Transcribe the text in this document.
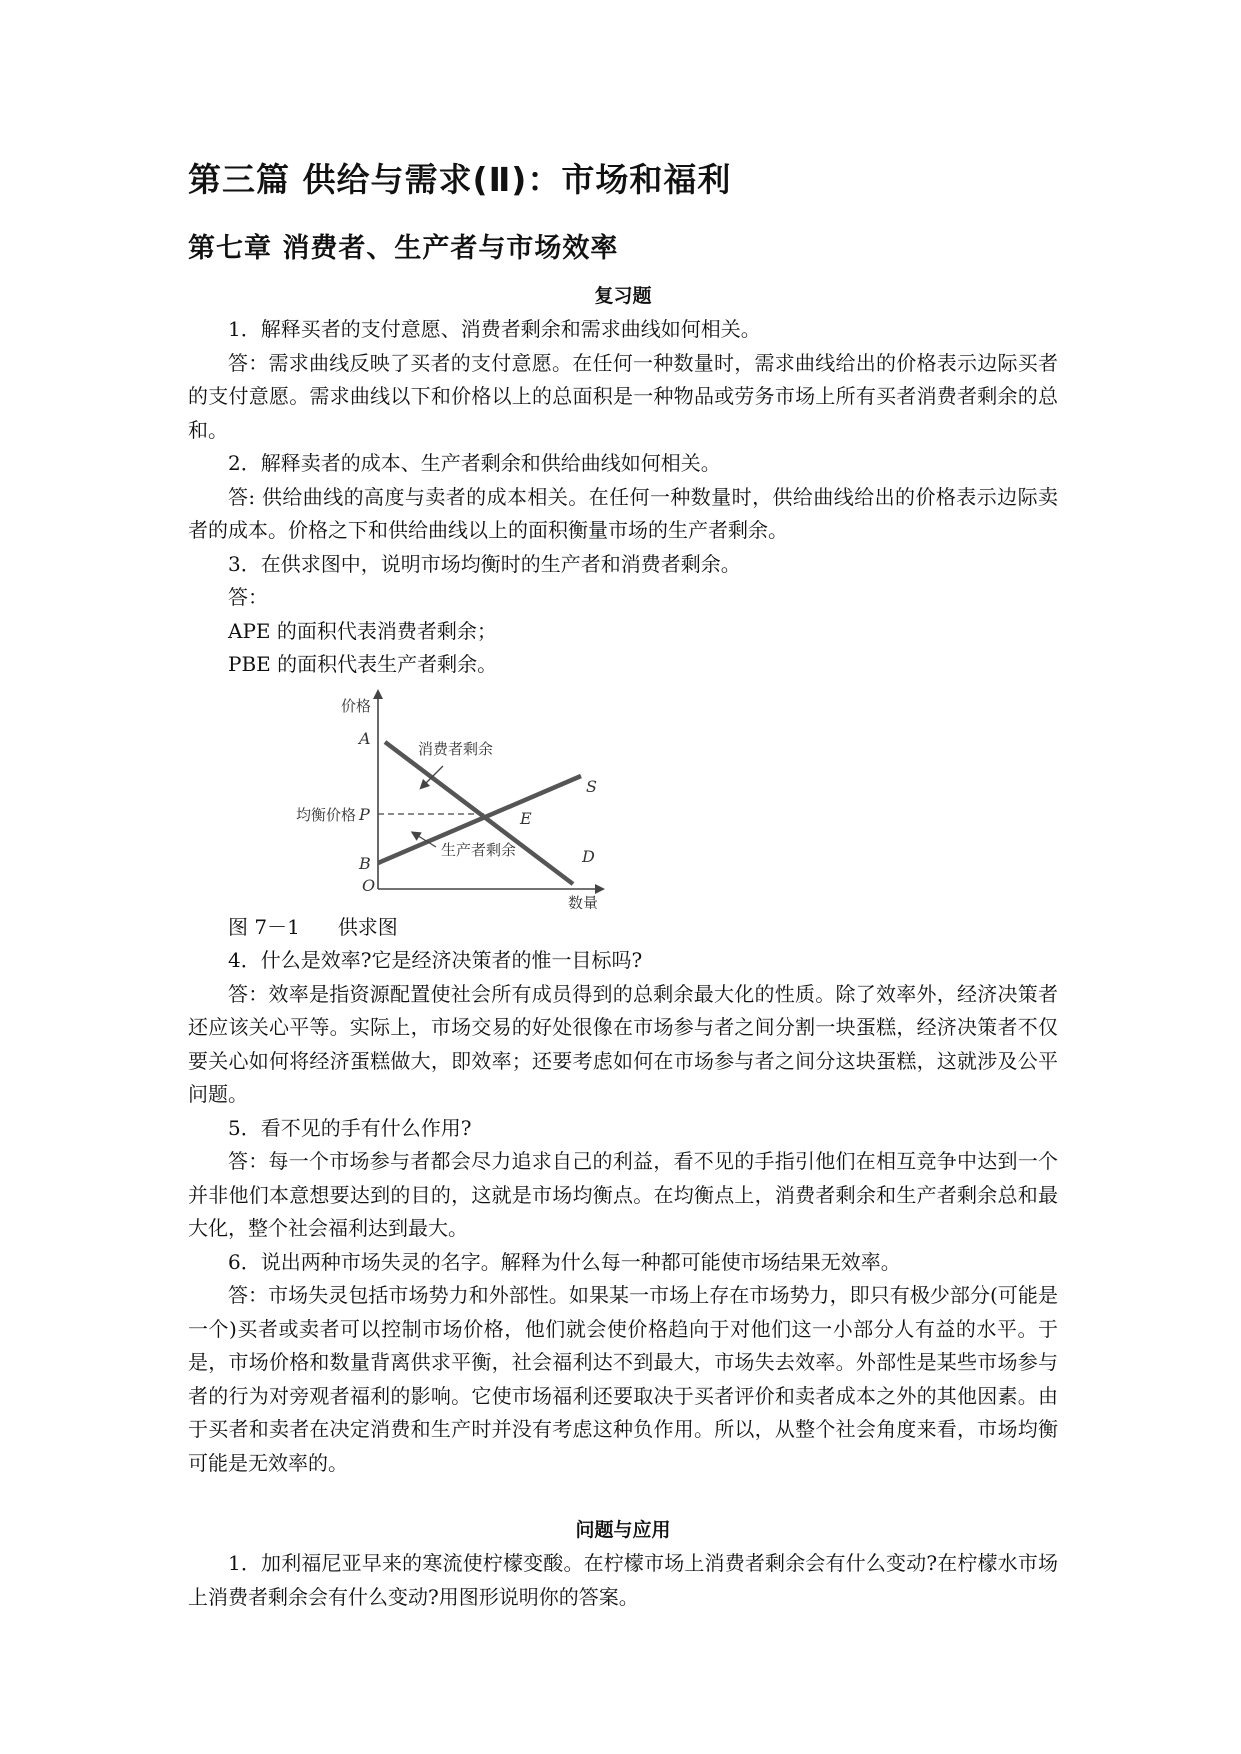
第三篇 供给与需求(Ⅱ)：市场和福利
第七章 消费者、生产者与市场效率
复习题

1．解释买者的支付意愿、消费者剩余和需求曲线如何相关。

答：需求曲线反映了买者的支付意愿。在任何一种数量时，需求曲线给出的价格表示边际买者的支付意愿。需求曲线以下和价格以上的总面积是一种物品或劳务市场上所有买者消费者剩余的总和。

2．解释卖者的成本、生产者剩余和供给曲线如何相关。

答: 供给曲线的高度与卖者的成本相关。在任何一种数量时，供给曲线给出的价格表示边际卖者的成本。价格之下和供给曲线以上的面积衡量市场的生产者剩余。

3．在供求图中，说明市场均衡时的生产者和消费者剩余。

答：

APE 的面积代表消费者剩余；

PBE 的面积代表生产者剩余。

价格
A
均衡价格 P
B
O
E
S
D
消费者剩余
生产者剩余
数量
图 7－1 供求图

4．什么是效率?它是经济决策者的惟一目标吗?

答：效率是指资源配置使社会所有成员得到的总剩余最大化的性质。除了效率外，经济决策者还应该关心平等。实际上，市场交易的好处很像在市场参与者之间分割一块蛋糕，经济决策者不仅要关心如何将经济蛋糕做大，即效率；还要考虑如何在市场参与者之间分这块蛋糕，这就涉及公平问题。

5．看不见的手有什么作用?

答：每一个市场参与者都会尽力追求自己的利益，看不见的手指引他们在相互竞争中达到一个并非他们本意想要达到的目的，这就是市场均衡点。在均衡点上，消费者剩余和生产者剩余总和最大化，整个社会福利达到最大。

6．说出两种市场失灵的名字。解释为什么每一种都可能使市场结果无效率。

答：市场失灵包括市场势力和外部性。如果某一市场上存在市场势力，即只有极少部分(可能是一个)买者或卖者可以控制市场价格，他们就会使价格趋向于对他们这一小部分人有益的水平。于是，市场价格和数量背离供求平衡，社会福利达不到最大，市场失去效率。外部性是某些市场参与者的行为对旁观者福利的影响。它使市场福利还要取决于买者评价和卖者成本之外的其他因素。由于买者和卖者在决定消费和生产时并没有考虑这种负作用。所以，从整个社会角度来看，市场均衡可能是无效率的。

问题与应用

1．加利福尼亚早来的寒流使柠檬变酸。在柠檬市场上消费者剩余会有什么变动?在柠檬水市场上消费者剩余会有什么变动?用图形说明你的答案。
